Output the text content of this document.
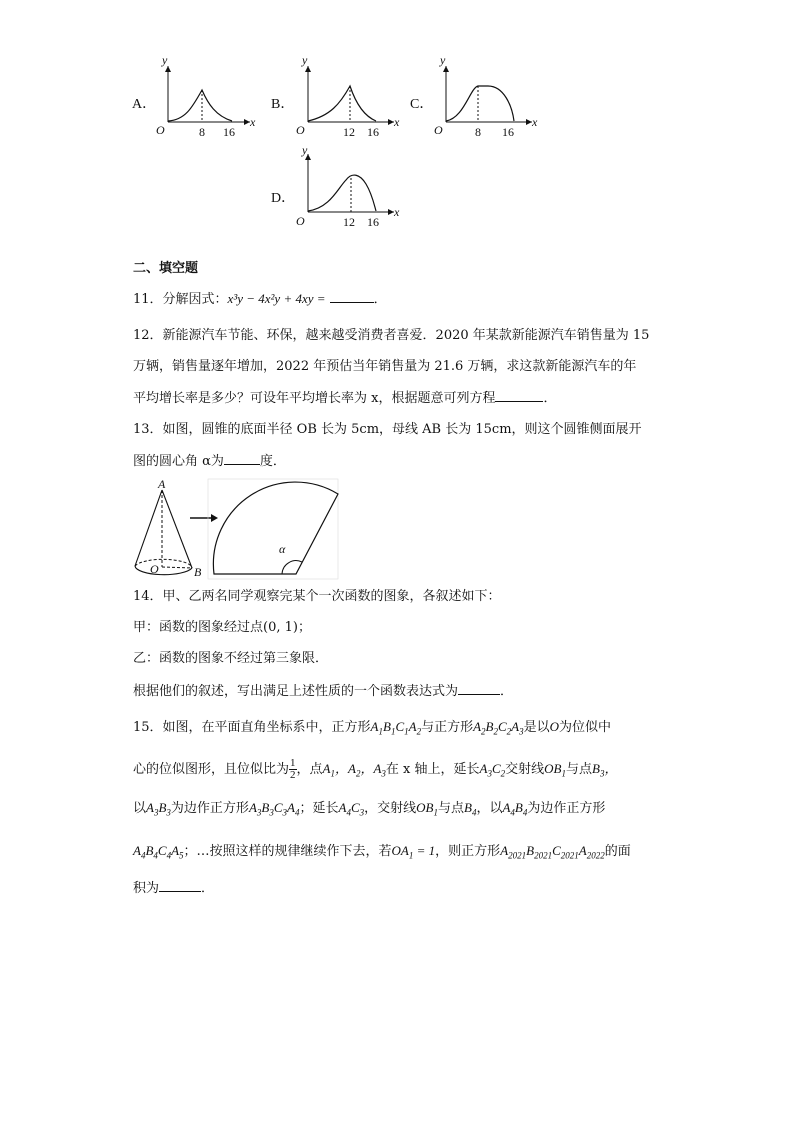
A．
y
O	8 16
x
B．
y
O	12 16
x
C．
y
O	8 16
x
D．
y
O	12 16
x
二、填空题
11．分解因式：x³y − 4x²y + 4xy =	．
12．新能源汽车节能、环保，越来越受消费者喜爱．2020 年某款新能源汽车销售量为 15
万辆，销售量逐年增加，2022 年预估当年销售量为 21.6 万辆，求这款新能源汽车的年
平均增长率是多少？可设年平均增长率为 x，根据题意可列方程	．
13．如图，圆锥的底面半径 OB 长为 5cm，母线 AB 长为 15cm，则这个圆锥侧面展开
图的圆心角 α为	度．
A
O	B
α
14．甲、乙两名同学观察完某个一次函数的图象，各叙述如下：
甲：函数的图象经过点(0, 1)；
乙：函数的图象不经过第三象限．
根据他们的叙述，写出满足上述性质的一个函数表达式为	．
15．如图，在平面直角坐标系中，正方形$A_1B_1C_1A_2$与正方形$A_2B_2C_2A_3$是以O为位似中
心的位似图形，且位似比为 $\frac{1}{2}$ ，点$A_1$，$A_2$，$A_3$在 x 轴上，延长$A_3C_2$交射线$OB_1$与点$B_3$，
以$A_3B_3$为边作正方形$A_3B_3C_3A_4$；延长$A_4C_3$，交射线$OB_1$与点$B_4$，以$A_4B_4$为边作正方形
$A_4B_4C_4A_5$；…按照这样的规律继续作下去，若$OA_1 = 1$，则正方形$A_{2021}B_{2021}C_{2021}A_{2022}$的面
积为	．
